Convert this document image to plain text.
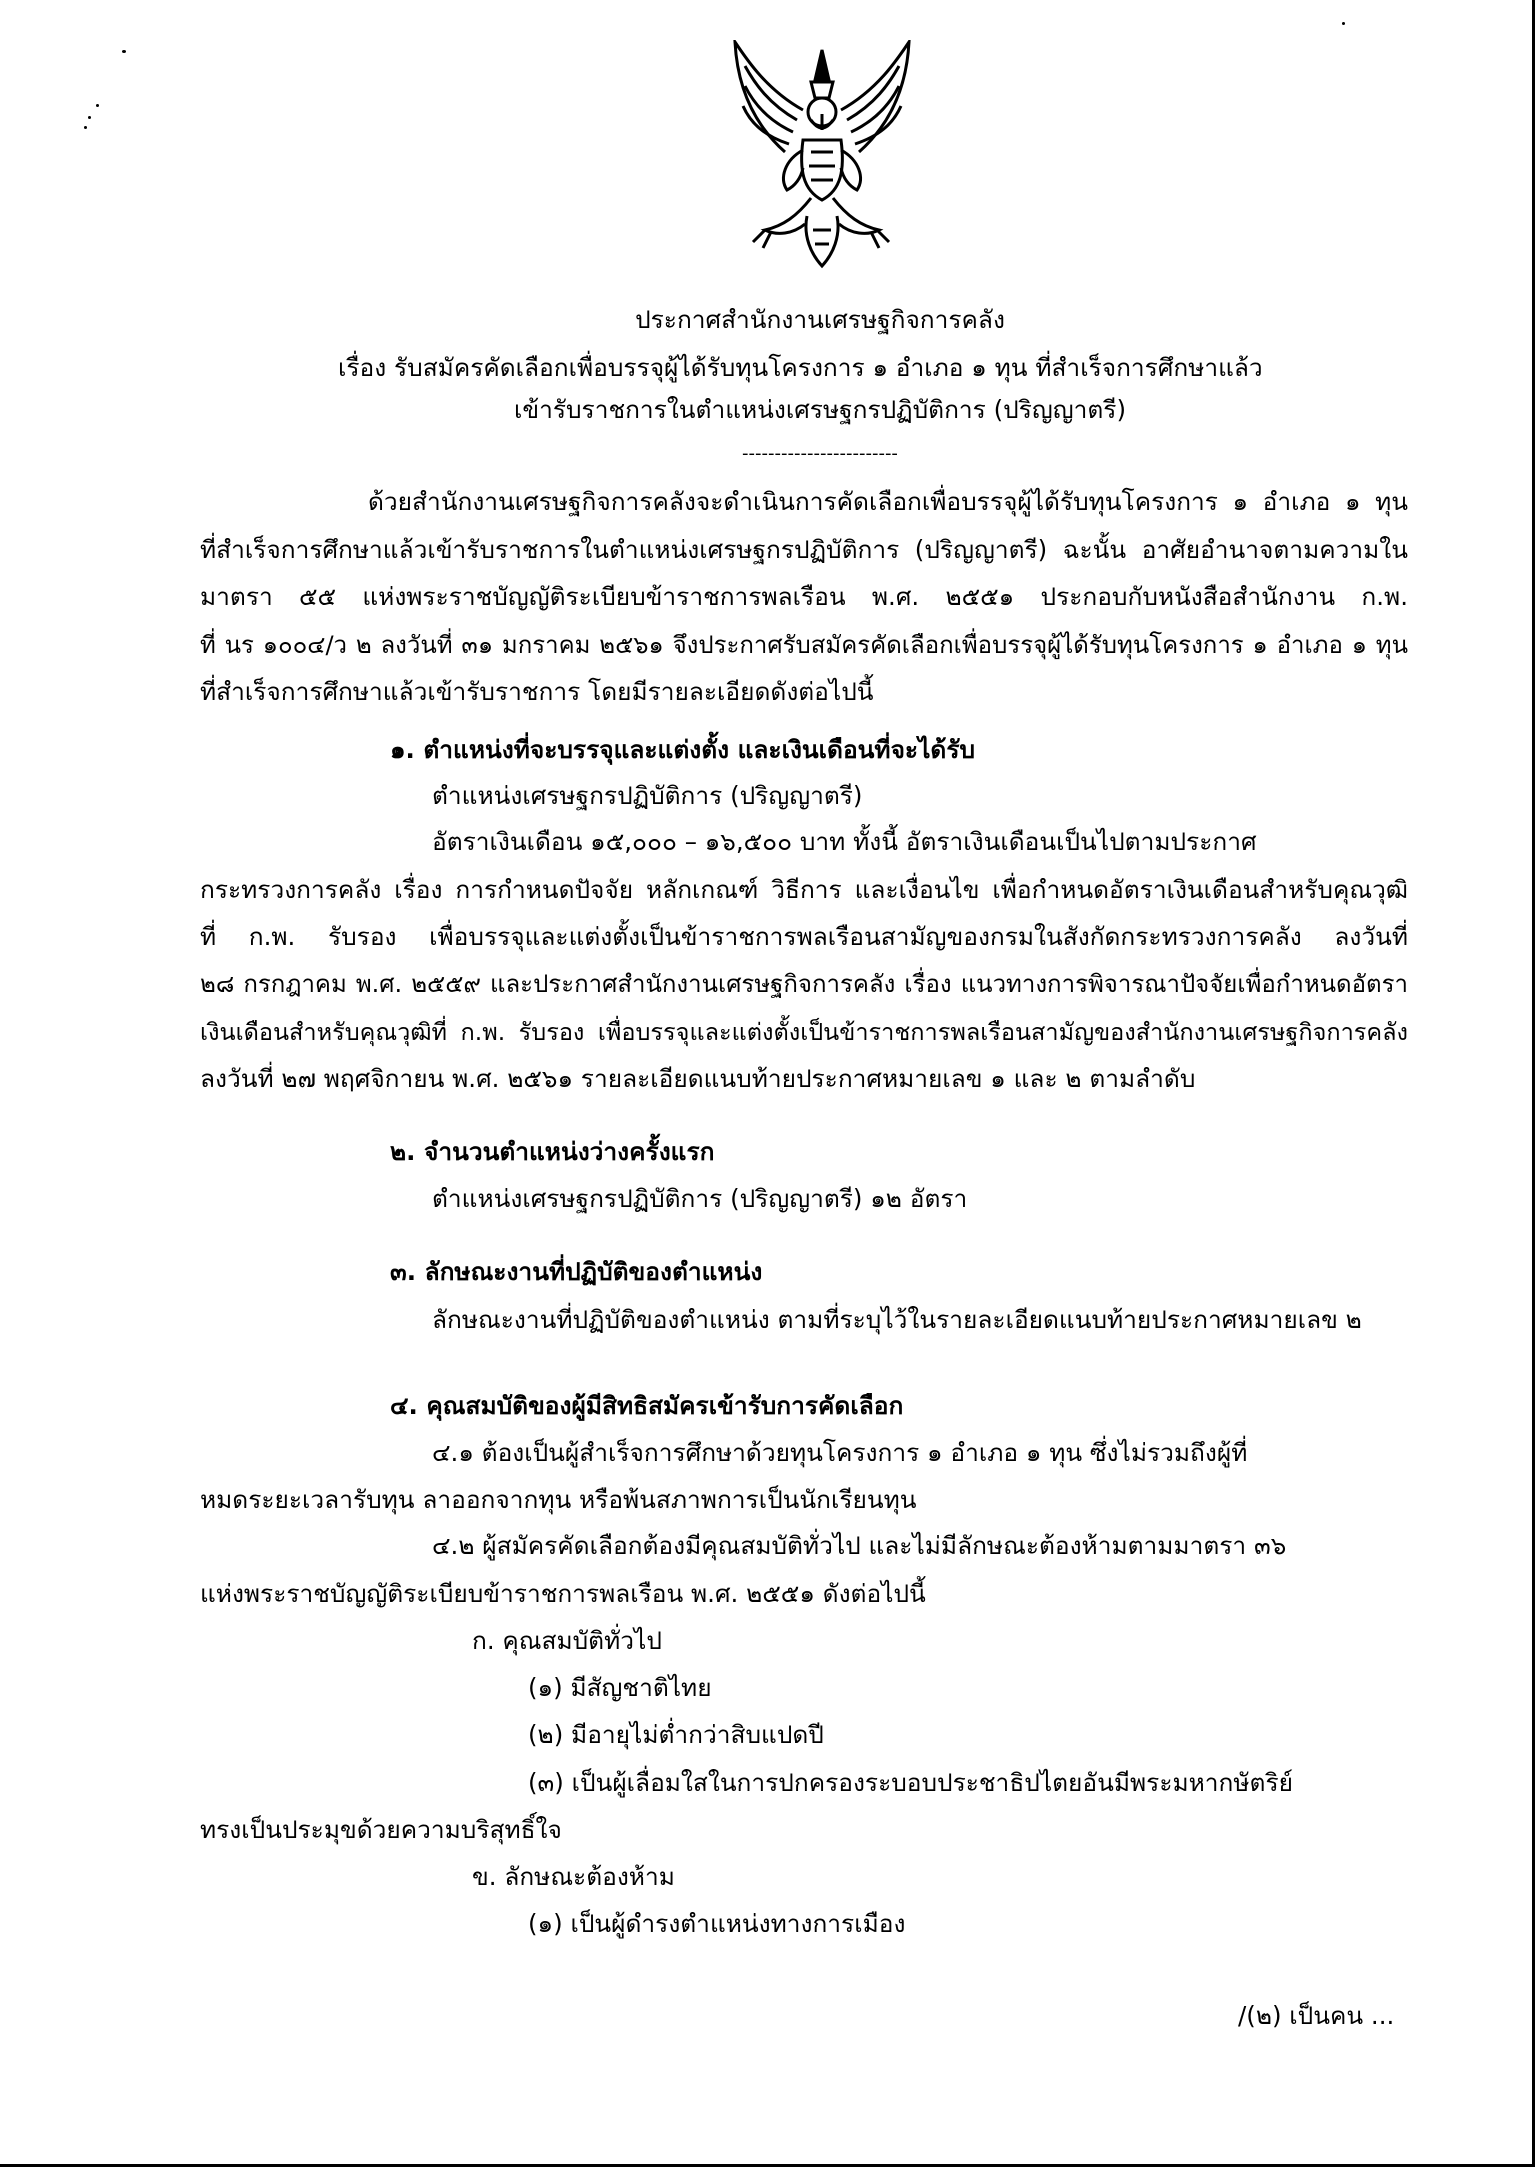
ประกาศสำนักงานเศรษฐกิจการคลัง
เรื่อง รับสมัครคัดเลือกเพื่อบรรจุผู้ได้รับทุนโครงการ ๑ อำเภอ ๑ ทุน ที่สำเร็จการศึกษาแล้ว
เข้ารับราชการในตำแหน่งเศรษฐกรปฏิบัติการ (ปริญญาตรี)
------------------------
ด้วยสำนักงานเศรษฐกิจการคลังจะดำเนินการคัดเลือกเพื่อบรรจุผู้ได้รับทุนโครงการ ๑ อำเภอ ๑ ทุน
ที่สำเร็จการศึกษาแล้วเข้ารับราชการในตำแหน่งเศรษฐกรปฏิบัติการ (ปริญญาตรี) ฉะนั้น อาศัยอำนาจตามความใน
มาตรา ๕๕ แห่งพระราชบัญญัติระเบียบข้าราชการพลเรือน พ.ศ. ๒๕๕๑ ประกอบกับหนังสือสำนักงาน ก.พ.
ที่ นร ๑๐๐๔/ว ๒ ลงวันที่ ๓๑ มกราคม ๒๕๖๑ จึงประกาศรับสมัครคัดเลือกเพื่อบรรจุผู้ได้รับทุนโครงการ ๑ อำเภอ ๑ ทุน
ที่สำเร็จการศึกษาแล้วเข้ารับราชการ โดยมีรายละเอียดดังต่อไปนี้
๑. ตำแหน่งที่จะบรรจุและแต่งตั้ง และเงินเดือนที่จะได้รับ
ตำแหน่งเศรษฐกรปฏิบัติการ (ปริญญาตรี)
อัตราเงินเดือน ๑๕,๐๐๐ – ๑๖,๕๐๐ บาท ทั้งนี้ อัตราเงินเดือนเป็นไปตามประกาศ
กระทรวงการคลัง เรื่อง การกำหนดปัจจัย หลักเกณฑ์ วิธีการ และเงื่อนไข เพื่อกำหนดอัตราเงินเดือนสำหรับคุณวุฒิ
ที่ ก.พ. รับรอง เพื่อบรรจุและแต่งตั้งเป็นข้าราชการพลเรือนสามัญของกรมในสังกัดกระทรวงการคลัง ลงวันที่
๒๘ กรกฎาคม พ.ศ. ๒๕๕๙ และประกาศสำนักงานเศรษฐกิจการคลัง เรื่อง แนวทางการพิจารณาปัจจัยเพื่อกำหนดอัตรา
เงินเดือนสำหรับคุณวุฒิที่ ก.พ. รับรอง เพื่อบรรจุและแต่งตั้งเป็นข้าราชการพลเรือนสามัญของสำนักงานเศรษฐกิจการคลัง
ลงวันที่ ๒๗ พฤศจิกายน พ.ศ. ๒๕๖๑ รายละเอียดแนบท้ายประกาศหมายเลข ๑ และ ๒ ตามลำดับ
๒. จำนวนตำแหน่งว่างครั้งแรก
ตำแหน่งเศรษฐกรปฏิบัติการ (ปริญญาตรี) ๑๒ อัตรา
๓. ลักษณะงานที่ปฏิบัติของตำแหน่ง
ลักษณะงานที่ปฏิบัติของตำแหน่ง ตามที่ระบุไว้ในรายละเอียดแนบท้ายประกาศหมายเลข ๒
๔. คุณสมบัติของผู้มีสิทธิสมัครเข้ารับการคัดเลือก
๔.๑ ต้องเป็นผู้สำเร็จการศึกษาด้วยทุนโครงการ ๑ อำเภอ ๑ ทุน ซึ่งไม่รวมถึงผู้ที่
หมดระยะเวลารับทุน ลาออกจากทุน หรือพ้นสภาพการเป็นนักเรียนทุน
๔.๒ ผู้สมัครคัดเลือกต้องมีคุณสมบัติทั่วไป และไม่มีลักษณะต้องห้ามตามมาตรา ๓๖
แห่งพระราชบัญญัติระเบียบข้าราชการพลเรือน พ.ศ. ๒๕๕๑ ดังต่อไปนี้
ก. คุณสมบัติทั่วไป
(๑) มีสัญชาติไทย
(๒) มีอายุไม่ต่ำกว่าสิบแปดปี
(๓) เป็นผู้เลื่อมใสในการปกครองระบอบประชาธิปไตยอันมีพระมหากษัตริย์
ทรงเป็นประมุขด้วยความบริสุทธิ์ใจ
ข. ลักษณะต้องห้าม
(๑) เป็นผู้ดำรงตำแหน่งทางการเมือง
/(๒) เป็นคน ...
